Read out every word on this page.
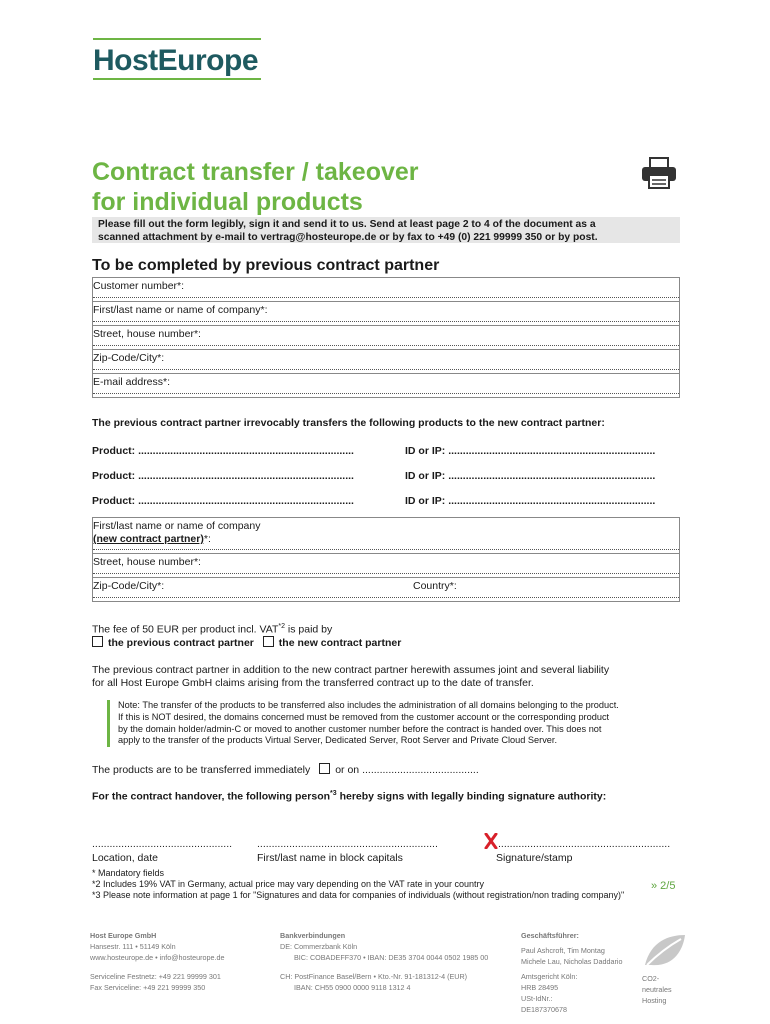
HostEurope
Contract transfer / takeover
for individual products
Please fill out the form legibly, sign it and send it to us. Send at least page 2 to 4 of the document as a
scanned attachment by e-mail to vertrag@hosteurope.de or by fax to +49 (0) 221 99999 350 or by post.
To be completed by previous contract partner
Customer number*:
First/last name or name of company*:
Street, house number*:
Zip-Code/City*:
E-mail address*:
The previous contract partner irrevocably transfers the following products to the new contract partner:
Product: ..........................................................................	ID or IP: .......................................................................
Product: ..........................................................................	ID or IP: .......................................................................
Product: ..........................................................................	ID or IP: .......................................................................
First/last name or name of company
(new contract partner)*:
Street, house number*:
Zip-Code/City*:	Country*:
The fee of 50 EUR per product incl. VAT$^{*2}$ is paid by
the previous contract partner the new contract partner
The previous contract partner in addition to the new contract partner herewith assumes joint and several liability
for all Host Europe GmbH claims arising from the transferred contract up to the date of transfer.
Note: The transfer of the products to be transferred also includes the administration of all domains belonging to the product.
If this is NOT desired, the domains concerned must be removed from the customer account or the corresponding product
by the domain holder/admin-C or moved to another customer number before the contract is handed over. This does not
apply to the transfer of the products Virtual Server, Dedicated Server, Root Server and Private Cloud Server.
The products are to be transferred immediately or on ........................................
For the contract handover, the following person$^{*3}$ hereby signs with legally binding signature authority:
................................................ ..............................................................	...........................................................
Location, date	First/last name in block capitals	Signature/stamp
* Mandatory fields
*2 Includes 19% VAT in Germany, actual price may vary depending on the VAT rate in your country
*3 Please note information at page 1 for "Signatures and data for companies of individuals (without registration/non trading company)"
» 2/5
Host Europe GmbH
Hansestr. 111 • 51149 Köln
www.hosteurope.de • info@hosteurope.de
Serviceline Festnetz: +49 221 99999 301
Fax Serviceline: +49 221 99999 350
Bankverbindungen
DE: Commerzbank Köln
BIC: COBADEFF370 • IBAN: DE35 3704 0044 0502 1985 00
CH: PostFinance Basel/Bern • Kto.-Nr. 91-181312-4 (EUR)
IBAN: CH55 0900 0000 9118 1312 4
Geschäftsführer:
Paul Ashcroft, Tim Montag
Michele Lau, Nicholas Daddario
Amtsgericht Köln:
HRB 28495
USt-IdNr.:
DE187370678
CO2-
neutrales
Hosting
